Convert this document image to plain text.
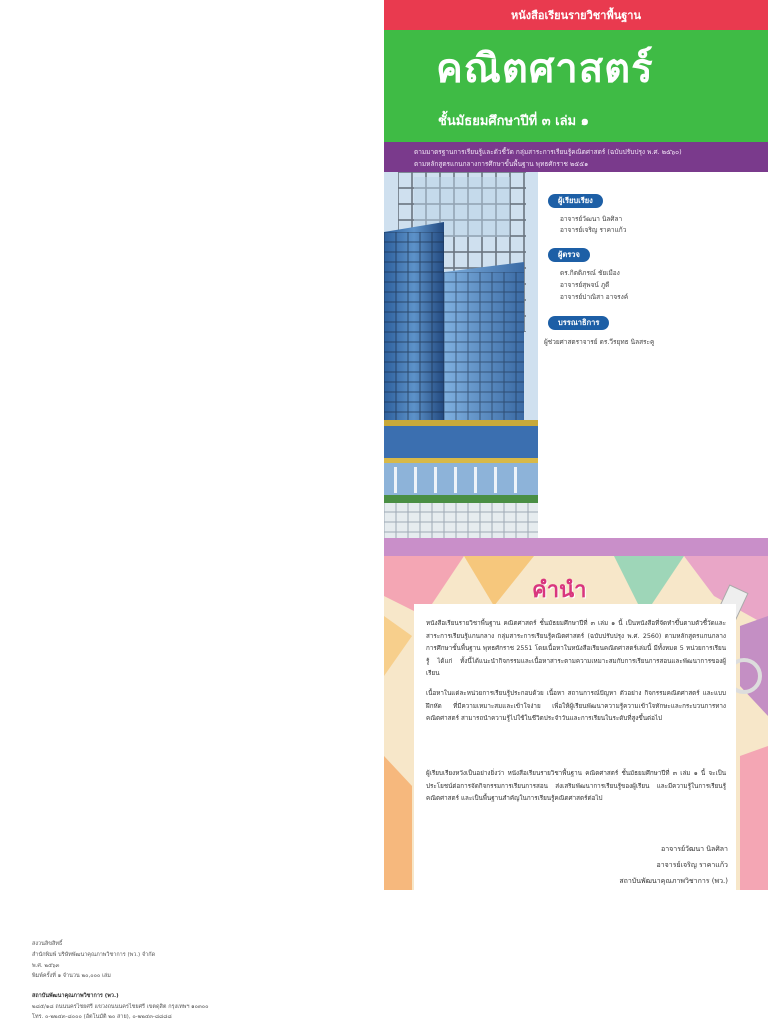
หนังสือเรียนรายวิชาพื้นฐาน
คณิตศาสตร์
ชั้นมัธยมศึกษาปีที่ ๓ เล่ม ๑
ตามมาตรฐานการเรียนรู้และตัวชี้วัด กลุ่มสาระการเรียนรู้คณิตศาสตร์ (ฉบับปรับปรุง พ.ศ. ๒๕๖๐)
ตามหลักสูตรแกนกลางการศึกษาขั้นพื้นฐาน พุทธศักราช ๒๕๕๑
ผู้เรียบเรียง
อาจารย์วัฒนา นิลศิลา
อาจารย์เจริญ ราคาแก้ว
ผู้ตรวจ
ดร.กิตติภรณ์ ชัยเมือง
อาจารย์สุพจน์ ภูดี
อาจารย์ปาณิสา อาจรงค์
บรรณาธิการ
ผู้ช่วยศาสตราจารย์ ดร.วีรยุทธ นิลสระคู
คำนำ
หนังสือเรียนรายวิชาพื้นฐาน คณิตศาสตร์ ชั้นมัธยมศึกษาปีที่ ๓ เล่ม ๑ นี้ เป็นหนังสือที่จัดทำขึ้นตามตัวชี้วัดและสาระการเรียนรู้แกนกลาง กลุ่มสาระการเรียนรู้คณิตศาสตร์ (ฉบับปรับปรุง พ.ศ. 2560) ตามหลักสูตรแกนกลางการศึกษาขั้นพื้นฐาน พุทธศักราช 2551 โดยเนื้อหาในหนังสือเรียนคณิตศาสตร์เล่มนี้ มีทั้งหมด 5 หน่วยการเรียนรู้ ได้แก่ ทั้งนี้ได้แนะนำกิจกรรมและเนื้อหาสาระตามความเหมาะสมกับการเรียนการสอนและพัฒนาการของผู้เรียน
เนื้อหาในแต่ละหน่วยการเรียนรู้ประกอบด้วย เนื้อหา สถานการณ์ปัญหา ตัวอย่าง กิจกรรมคณิตศาสตร์ และแบบฝึกหัด ที่มีความเหมาะสมและเข้าใจง่าย เพื่อให้ผู้เรียนพัฒนาความรู้ความเข้าใจทักษะและกระบวนการทางคณิตศาสตร์ สามารถนำความรู้ไปใช้ในชีวิตประจำวันและการเรียนในระดับที่สูงขึ้นต่อไป
ผู้เรียบเรียงหวังเป็นอย่างยิ่งว่า หนังสือเรียนรายวิชาพื้นฐาน คณิตศาสตร์ ชั้นมัธยมศึกษาปีที่ ๓ เล่ม ๑ นี้ จะเป็นประโยชน์ต่อการจัดกิจกรรมการเรียนการสอน ส่งเสริมพัฒนาการเรียนรู้ของผู้เรียน และมีความรู้ในการเรียนรู้คณิตศาสตร์ และเป็นพื้นฐานสำคัญในการเรียนรู้คณิตศาสตร์ต่อไป
อาจารย์วัฒนา นิลศิลา
อาจารย์เจริญ ราคาแก้ว
สถาบันพัฒนาคุณภาพวิชาการ (พว.)
สงวนลิขสิทธิ์
สำนักพิมพ์ บริษัทพัฒนาคุณภาพวิชาการ (พว.) จำกัด
พ.ศ. ๒๕๖๓
พิมพ์ครั้งที่ ๑ จำนวน ๒๐,๐๐๐ เล่ม
สถาบันพัฒนาคุณภาพวิชาการ (พว.)
๒๘๕/๑๘ ถนนนครไชยศรี แขวงถนนนครไชยศรี เขตดุสิต กรุงเทพฯ ๑๐๓๐๐
โทร. ๐-๒๒๔๓-๘๐๐๐ (อัตโนมัติ ๒๐ สาย), ๐-๒๒๔๓-๘๘๘๘
